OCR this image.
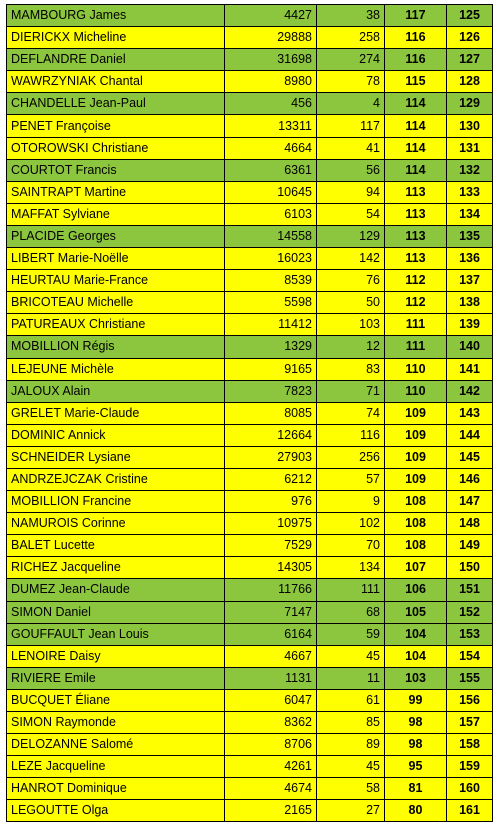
MAMBOURG James	4427	38	117	125
DIERICKX Micheline	29888	258	116	126
DEFLANDRE Daniel	31698	274	116	127
WAWRZYNIAK Chantal	8980	78	115	128
CHANDELLE Jean-Paul	456	4	114	129
PENET Françoise	13311	117	114	130
OTOROWSKI Christiane	4664	41	114	131
COURTOT Francis	6361	56	114	132
SAINTRAPT Martine	10645	94	113	133
MAFFAT Sylviane	6103	54	113	134
PLACIDE Georges	14558	129	113	135
LIBERT Marie-Noëlle	16023	142	113	136
HEURTAU Marie-France	8539	76	112	137
BRICOTEAU Michelle	5598	50	112	138
PATUREAUX Christiane	11412	103	111	139
MOBILLION Régis	1329	12	111	140
LEJEUNE Michèle	9165	83	110	141
JALOUX Alain	7823	71	110	142
GRELET Marie-Claude	8085	74	109	143
DOMINIC Annick	12664	116	109	144
SCHNEIDER Lysiane	27903	256	109	145
ANDRZEJCZAK Cristine	6212	57	109	146
MOBILLION Francine	976	9	108	147
NAMUROIS Corinne	10975	102	108	148
BALET Lucette	7529	70	108	149
RICHEZ Jacqueline	14305	134	107	150
DUMEZ Jean-Claude	11766	111	106	151
SIMON Daniel	7147	68	105	152
GOUFFAULT Jean Louis	6164	59	104	153
LENOIRE Daisy	4667	45	104	154
RIVIERE Emile	1131	11	103	155
BUCQUET Éliane	6047	61	99	156
SIMON Raymonde	8362	85	98	157
DELOZANNE Salomé	8706	89	98	158
LEZE Jacqueline	4261	45	95	159
HANROT Dominique	4674	58	81	160
LEGOUTTE Olga	2165	27	80	161
